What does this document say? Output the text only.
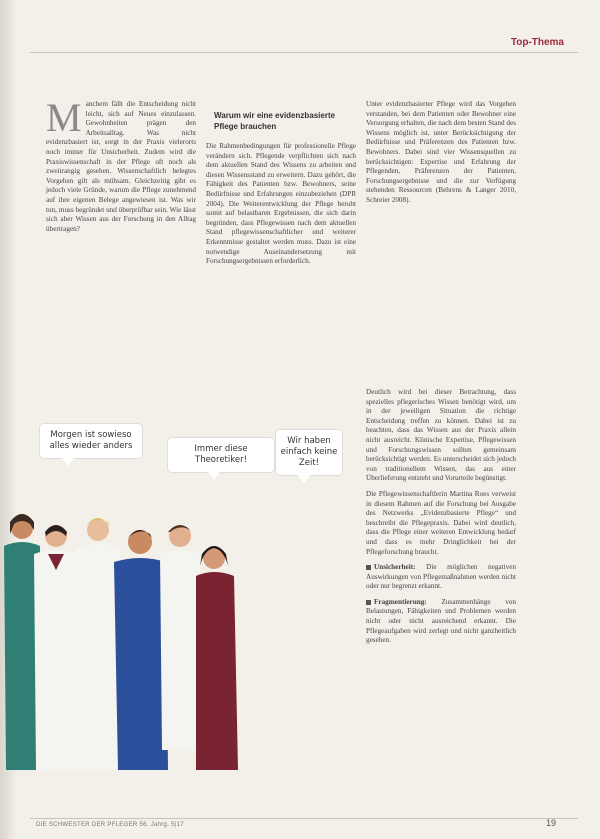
Top-Thema
M anchem fällt die Entscheidung nicht leicht, sich auf Neues einzulassen. Gewohnheiten prägen den Arbeitsalltag. Was nicht evidenzbasiert ist, sorgt in der Praxis vielerorts noch immer für Unsicherheit. Zudem wird die Praxiswissenschaft in der Pflege oft noch als zweitrangig gesehen. Wissenschaftlich belegtes Vorgehen gilt als mühsam. Gleichzeitig gibt es jedoch viele Gründe, warum die Pflege zunehmend auf ihre eigenen Belege angewiesen ist. Was wir tun, muss begründet und überprüfbar sein. Wie lässt sich aber Wissen aus der Forschung in den Alltag übertragen?
Warum wir eine evidenzbasierte Pflege brauchen
Die Rahmenbedingungen für professionelle Pflege verändern sich. Pflegende verpflichten sich nach dem aktuellen Stand des Wissens zu arbeiten und diesen Wissensstand zu erweitern. Dazu gehört, die Fähigkeit des Patienten bzw. Bewohners, seine Bedürfnisse und Erfahrungen einzubeziehen (DPR 2004). Die Weiterentwicklung der Pflege beruht somit auf belastbaren Ergebnissen, die sich darin begründen, dass Pflegewissen nach dem aktuellen Stand pflegewissenschaftlicher und weiterer Erkenntnisse gestaltet werden muss. Dazu ist eine notwendige Auseinandersetzung mit Forschungsergebnissen erforderlich.
Unter evidenzbasierter Pflege wird das Vorgehen verstanden, bei dem Patienten oder Bewohner eine Versorgung erhalten, die nach dem besten Stand des Wissens möglich ist, unter Berücksichtigung der Bedürfnisse und Präferenzen des Patienten bzw. Bewohners. Dabei sind vier Wissensquellen zu berücksichtigen: Expertise und Erfahrung der Pflegenden, Präferenzen der Patienten, Forschungsergebnisse und die zur Verfügung stehenden Ressourcen (Behrens & Langer 2010, Schreier 2008).

Deutlich wird bei dieser Betrachtung, dass spezielles pflegerisches Wissen benötigt wird, um in der jeweiligen Situation die richtige Entscheidung treffen zu können. Dabei ist zu beachten, dass das Wissen aus der Praxis allein nicht ausreicht. Klinische Expertise, Pflegewissen und Forschungswissen sollten gemeinsam berücksichtigt werden. Es unterscheidet sich jedoch von traditionellem Wissen, das aus einer Überlieferung entsteht und Vorurteile begünstigt.

Die Pflegewissenschaftlerin Martina Roes verweist in diesem Rahmen auf die Forschung bei Ausgabe des Netzwerks „Evidenzbasierte Pflege“ und beschreibt die Pflegepraxis. Dabei wird deutlich, dass die Pflege einer weiteren Entwicklung bedarf und dass es mehr Dringlichkeit bei der Pflegeforschung braucht.

Unsicherheit: Die möglichen negativen Auswirkungen von Pflegemaßnahmen werden nicht oder nur begrenzt erkannt.

Fragmentierung: Zusammenhänge von Belastungen, Fähigkeiten und Problemen werden nicht oder nicht ausreichend erkannt. Die Pflegeaufgaben wird zerlegt und nicht ganzheitlich gesehen.

Morgen ist sowieso alles wieder anders	Immer diese Theoretiker!
Wir haben einfach keine Zeit!
DIE SCHWESTER DER PFLEGER 56. Jahrg. 5|17	19
